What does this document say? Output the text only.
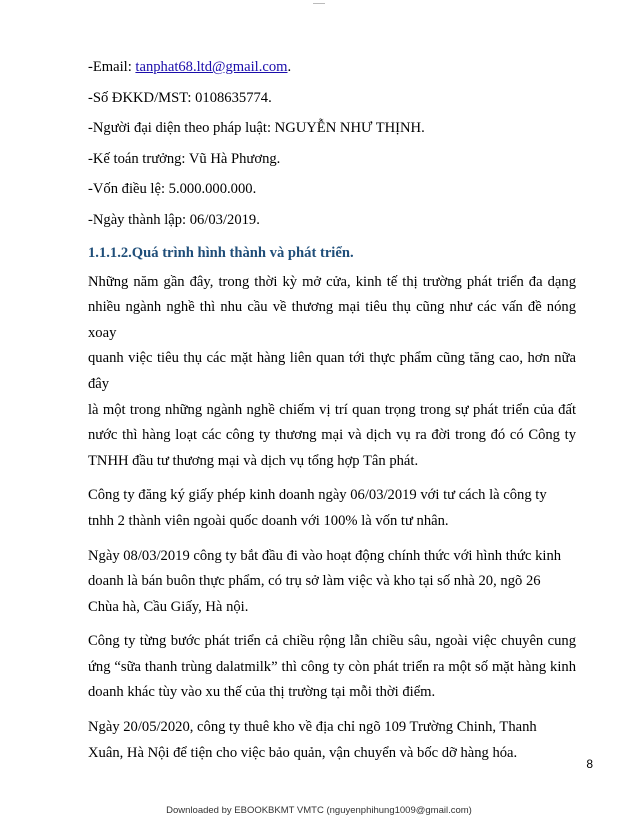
-Email: tanphat68.ltd@gmail.com.

-Số ĐKKD/MST: 0108635774.

-Người đại diện theo pháp luật: NGUYỄN NHƯ THỊNH.

-Kế toán trưởng: Vũ Hà Phương.

-Vốn điều lệ: 5.000.000.000.

-Ngày thành lập: 06/03/2019.

1.1.1.2.Quá trình hình thành và phát triển.

Những năm gần đây, trong thời kỳ mở cửa, kinh tế thị trường phát triển đa dạng
nhiều ngành nghề thì nhu cầu về thương mại tiêu thụ cũng như các vấn đề nóng xoay
quanh việc tiêu thụ các mặt hàng liên quan tới thực phẩm cũng tăng cao, hơn nữa đây
là một trong những ngành nghề chiếm vị trí quan trọng trong sự phát triển của đất
nước thì hàng loạt các công ty thương mại và dịch vụ ra đời trong đó có Công ty
TNHH đầu tư thương mại và dịch vụ tổng hợp Tân phát.
Công ty đăng ký giấy phép kinh doanh ngày 06/03/2019 với tư cách là công ty
tnhh 2 thành viên ngoài quốc doanh với 100% là vốn tư nhân.
Ngày 08/03/2019 công ty bắt đầu đi vào hoạt động chính thức với hình thức kinh
doanh là bán buôn thực phẩm, có trụ sở làm việc và kho tại số nhà 20, ngõ 26
Chùa hà, Cầu Giấy, Hà nội.
Công ty từng bước phát triển cả chiều rộng lẫn chiều sâu, ngoài việc chuyên cung
ứng “sữa thanh trùng dalatmilk” thì công ty còn phát triển ra một số mặt hàng kinh
doanh khác tùy vào xu thế của thị trường tại mỗi thời điểm.
Ngày 20/05/2020, công ty thuê kho về địa chỉ ngõ 109 Trường Chinh, Thanh
Xuân, Hà Nội để tiện cho việc bảo quản, vận chuyển và bốc dỡ hàng hóa.
8
Downloaded by EBOOKBKMT VMTC (nguyenphihung1009@gmail.com)
